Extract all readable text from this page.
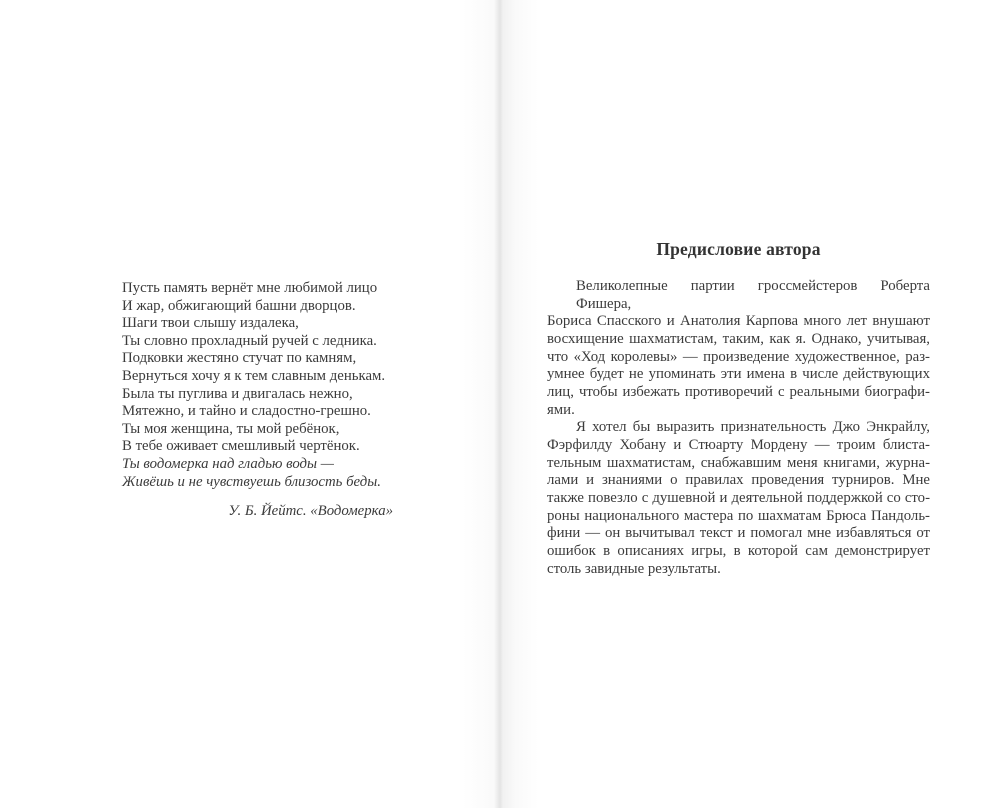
Пусть память вернёт мне любимой лицо
И жар, обжигающий башни дворцов.
Шаги твои слышу издалека,
Ты словно прохладный ручей с ледника.
Подковки жестяно стучат по камням,
Вернуться хочу я к тем славным денькам.
Была ты пуглива и двигалась нежно,
Мятежно, и тайно и сладостно-грешно.
Ты моя женщина, ты мой ребёнок,
В тебе оживает смешливый чертёнок.
Ты водомерка над гладью воды —
Живёшь и не чувствуешь близость беды.
У. Б. Йейтс. «Водомерка»
Предисловие автора
Великолепные партии гроссмейстеров Роберта Фишера,
Бориса Спасского и Анатолия Карпова много лет внушают
восхищение шахматистам, таким, как я. Однако, учитывая,
что «Ход королевы» — произведение художественное, раз-
умнее будет не упоминать эти имена в числе действующих
лиц, чтобы избежать противоречий с реальными биографи-
ями.
Я хотел бы выразить признательность Джо Энкрайлу,
Фэрфилду Хобану и Стюарту Мордену — троим блиста-
тельным шахматистам, снабжавшим меня книгами, журна-
лами и знаниями о правилах проведения турниров. Мне
также повезло с душевной и деятельной поддержкой со сто-
роны национального мастера по шахматам Брюса Пандоль-
фини — он вычитывал текст и помогал мне избавляться от
ошибок в описаниях игры, в которой сам демонстрирует
столь завидные результаты.
